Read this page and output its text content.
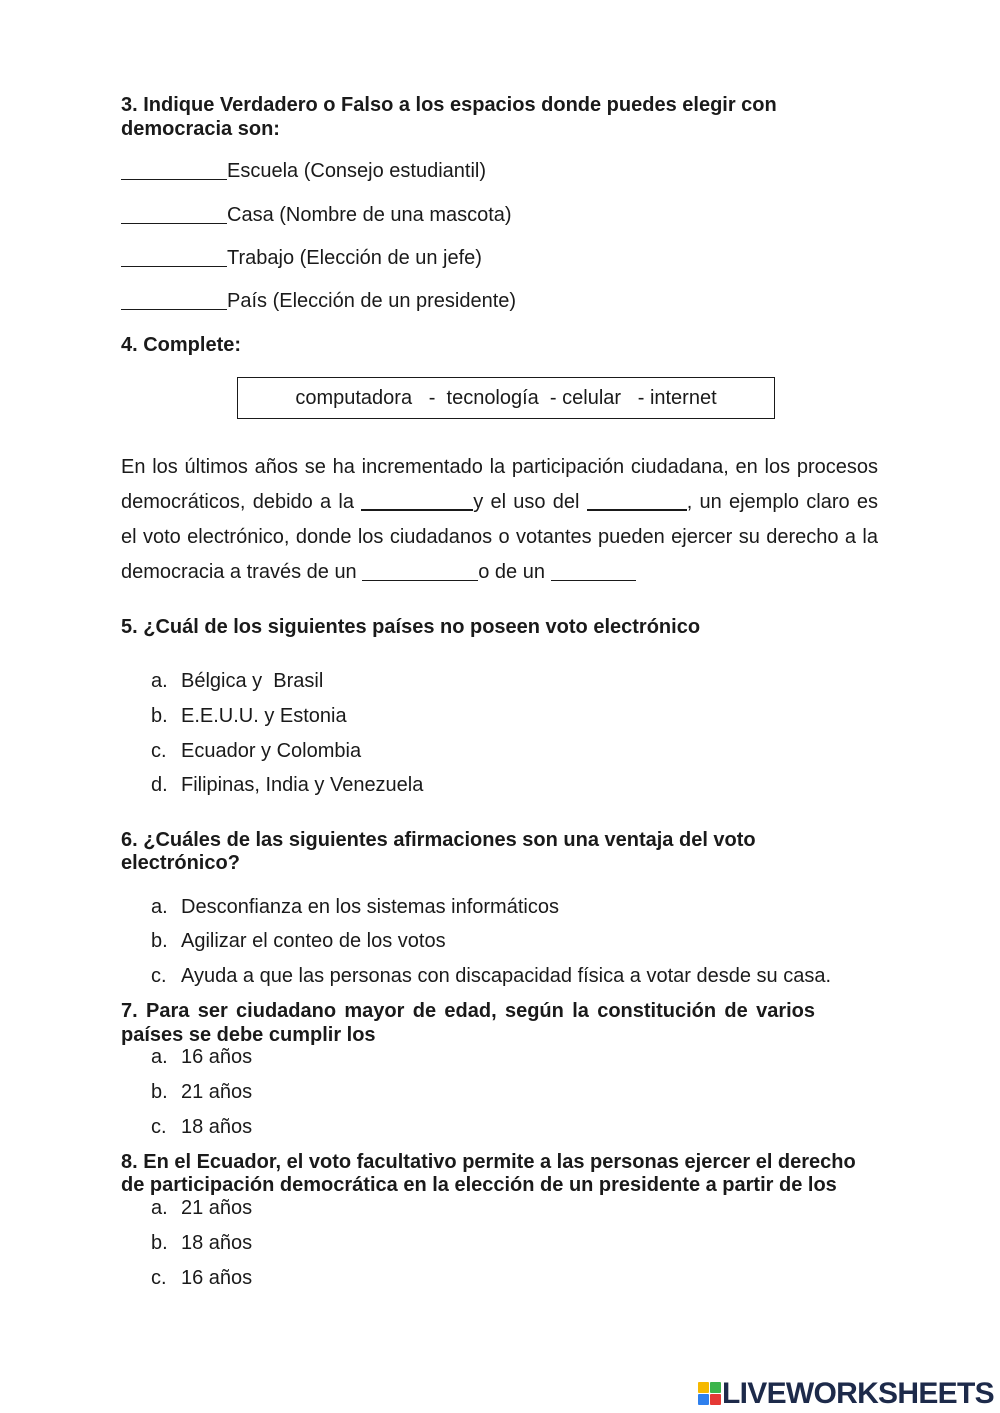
3. Indique Verdadero o Falso a los espacios donde puedes elegir con
democracia son:
Escuela (Consejo estudiantil)
Casa (Nombre de una mascota)
Trabajo (Elección de un jefe)
País (Elección de un presidente)
4. Complete:
computadora   -  tecnología  - celular   - internet
En los últimos años se ha incrementado la participación ciudadana, en los procesos
democráticos, debido a la	y el uso del	, un ejemplo claro es
el voto electrónico, donde los ciudadanos o votantes pueden ejercer su derecho a la
democracia a través de un	o de un
5. ¿Cuál de los siguientes países no poseen voto electrónico
a. Bélgica y  Brasil
b. E.E.U.U. y Estonia
c. Ecuador y Colombia
d. Filipinas, India y Venezuela
6. ¿Cuáles de las siguientes afirmaciones son una ventaja del voto
electrónico?
a. Desconfianza en los sistemas informáticos
b. Agilizar el conteo de los votos
c. Ayuda a que las personas con discapacidad física a votar desde su casa.
7. Para ser ciudadano mayor de edad, según la constitución de varios
países se debe cumplir los
a. 16 años
b. 21 años
c. 18 años
8. En el Ecuador, el voto facultativo permite a las personas ejercer el derecho
de participación democrática en la elección de un presidente a partir de los
a. 21 años
b. 18 años
c. 16 años
LIVEWORKSHEETS
